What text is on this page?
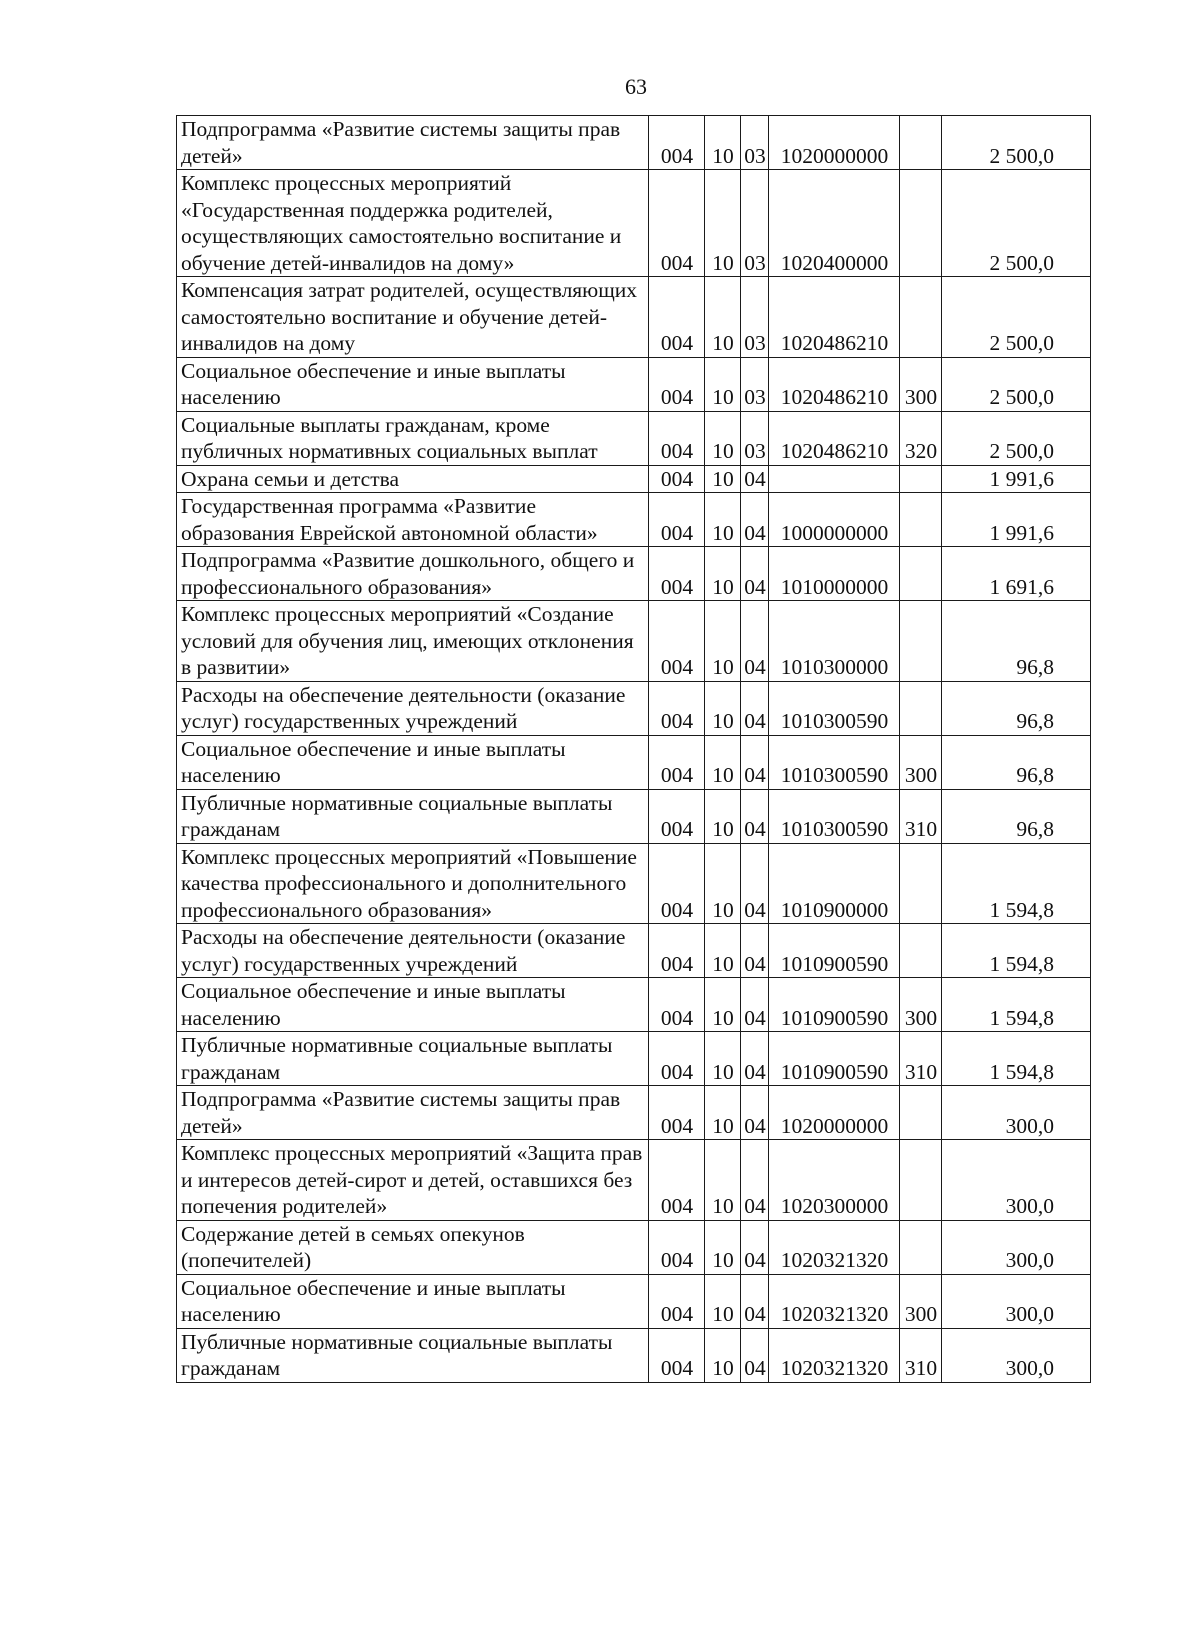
63
Подпрограмма «Развитие системы защиты прав детей»	004	10	03	1020000000		2 500,0
Комплекс процессных мероприятий «Государственная поддержка родителей, осуществляющих самостоятельно воспитание и обучение детей-инвалидов на дому»	004	10	03	1020400000		2 500,0
Компенсация затрат родителей, осуществляющих самостоятельно воспитание и обучение детей-инвалидов на дому	004	10	03	1020486210		2 500,0
Социальное обеспечение и иные выплаты населению	004	10	03	1020486210	300	2 500,0
Социальные выплаты гражданам, кроме публичных нормативных социальных выплат	004	10	03	1020486210	320	2 500,0
Охрана семьи и детства	004	10	04			1 991,6
Государственная программа «Развитие образования Еврейской автономной области»	004	10	04	1000000000		1 991,6
Подпрограмма «Развитие дошкольного, общего и профессионального образования»	004	10	04	1010000000		1 691,6
Комплекс процессных мероприятий «Создание условий для обучения лиц, имеющих отклонения в развитии»	004	10	04	1010300000		96,8
Расходы на обеспечение деятельности (оказание услуг) государственных учреждений	004	10	04	1010300590		96,8
Социальное обеспечение и иные выплаты населению	004	10	04	1010300590	300	96,8
Публичные нормативные социальные выплаты гражданам	004	10	04	1010300590	310	96,8
Комплекс процессных мероприятий «Повышение качества профессионального и дополнительного профессионального образования»	004	10	04	1010900000		1 594,8
Расходы на обеспечение деятельности (оказание услуг) государственных учреждений	004	10	04	1010900590		1 594,8
Социальное обеспечение и иные выплаты населению	004	10	04	1010900590	300	1 594,8
Публичные нормативные социальные выплаты гражданам	004	10	04	1010900590	310	1 594,8
Подпрограмма «Развитие системы защиты прав детей»	004	10	04	1020000000		300,0
Комплекс процессных мероприятий «Защита прав и интересов детей-сирот и детей, оставшихся без попечения родителей»	004	10	04	1020300000		300,0
Содержание детей в семьях опекунов (попечителей)	004	10	04	1020321320		300,0
Социальное обеспечение и иные выплаты населению	004	10	04	1020321320	300	300,0
Публичные нормативные социальные выплаты гражданам	004	10	04	1020321320	310	300,0
